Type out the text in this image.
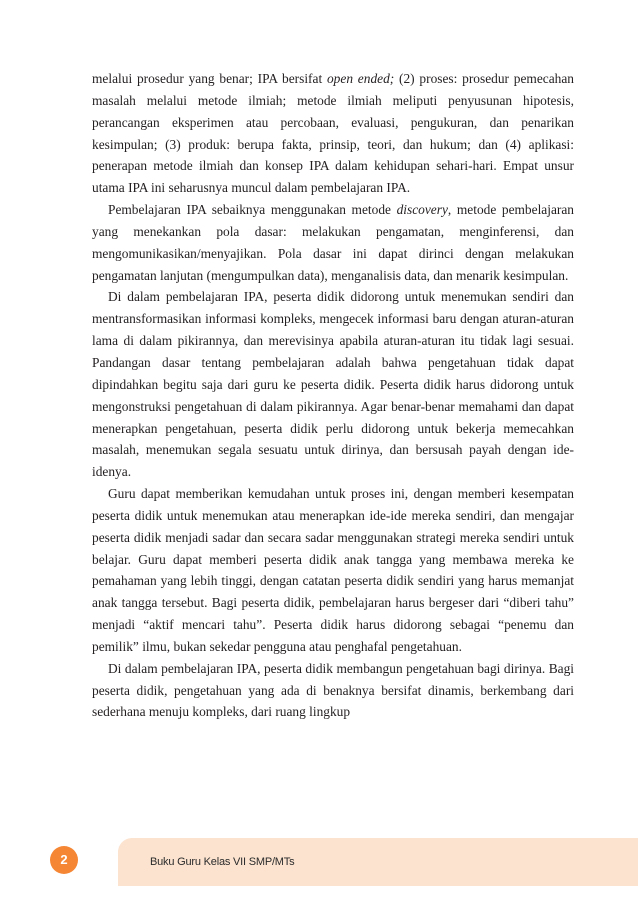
melalui prosedur yang benar; IPA bersifat open ended; (2) proses: prosedur pemecahan masalah melalui metode ilmiah; metode ilmiah meliputi penyusunan hipotesis, perancangan eksperimen atau percobaan, evaluasi, pengukuran, dan penarikan kesimpulan; (3) produk: berupa fakta, prinsip, teori, dan hukum; dan (4) aplikasi: penerapan metode ilmiah dan konsep IPA dalam kehidupan sehari-hari. Empat unsur utama IPA ini seharusnya muncul dalam pembelajaran IPA.

Pembelajaran IPA sebaiknya menggunakan metode discovery, metode pembelajaran yang menekankan pola dasar: melakukan pengamatan, menginferensi, dan mengomunikasikan/menyajikan. Pola dasar ini dapat dirinci dengan melakukan pengamatan lanjutan (mengumpulkan data), menganalisis data, dan menarik kesimpulan.

Di dalam pembelajaran IPA, peserta didik didorong untuk menemukan sendiri dan mentransformasikan informasi kompleks, mengecek informasi baru dengan aturan-aturan lama di dalam pikirannya, dan merevisinya apabila aturan-aturan itu tidak lagi sesuai. Pandangan dasar tentang pembelajaran adalah bahwa pengetahuan tidak dapat dipindahkan begitu saja dari guru ke peserta didik. Peserta didik harus didorong untuk mengonstruksi pengetahuan di dalam pikirannya. Agar benar-benar memahami dan dapat menerapkan pengetahuan, peserta didik perlu didorong untuk bekerja memecahkan masalah, menemukan segala sesuatu untuk dirinya, dan bersusah payah dengan ide-idenya.

Guru dapat memberikan kemudahan untuk proses ini, dengan memberi kesempatan peserta didik untuk menemukan atau menerapkan ide-ide mereka sendiri, dan mengajar peserta didik menjadi sadar dan secara sadar menggunakan strategi mereka sendiri untuk belajar. Guru dapat memberi peserta didik anak tangga yang membawa mereka ke pemahaman yang lebih tinggi, dengan catatan peserta didik sendiri yang harus memanjat anak tangga tersebut. Bagi peserta didik, pembelajaran harus bergeser dari “diberi tahu” menjadi “aktif mencari tahu”. Peserta didik harus didorong sebagai “penemu dan pemilik” ilmu, bukan sekedar pengguna atau penghafal pengetahuan.

Di dalam pembelajaran IPA, peserta didik membangun pengetahuan bagi dirinya. Bagi peserta didik, pengetahuan yang ada di benaknya bersifat dinamis, berkembang dari sederhana menuju kompleks, dari ruang lingkup

Buku Guru Kelas VII SMP/MTs
2
